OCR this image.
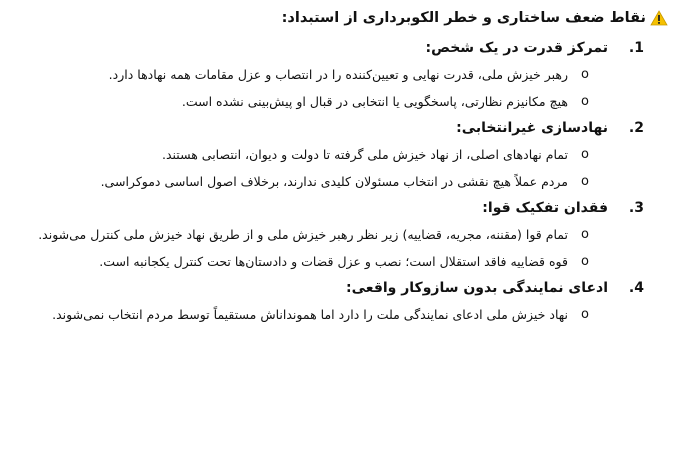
نقاط ضعف ساختاری و خطر الکوبرداری از استبداد:
1.
تمرکز قدرت در یک شخص:
o
رهبر خیزش ملی، قدرت نهایی و تعیین‌کننده را در انتصاب و عزل مقامات همه نهادها دارد.
o
هیچ مکانیزم نظارتی، پاسخگویی یا انتخابی در قبال او پیش‌بینی نشده است.
2.
نهادسازی غیرانتخابی:
o
تمام نهادهای اصلی، از نهاد خیزش ملی گرفته تا دولت و دیوان، انتصابی هستند.
o
مردم عملاً هیچ نقشی در انتخاب مسئولان کلیدی ندارند، برخلاف اصول اساسی دموکراسی.
3.
فقدان تفکیک قوا:
o
تمام قوا (مقننه، مجریه، قضاییه) زیر نظر رهبر خیزش ملی و از طریق نهاد خیزش ملی کنترل می‌شوند.
o
قوه قضاییه فاقد استقلال است؛ نصب و عزل قضات و دادستان‌ها تحت کنترل یکجانبه است.
4.
ادعای نمایندگی بدون سازوکار واقعی:
o
نهاد خیزش ملی ادعای نمایندگی ملت را دارد اما همونداناش مستقیماً توسط مردم انتخاب نمی‌شوند.
